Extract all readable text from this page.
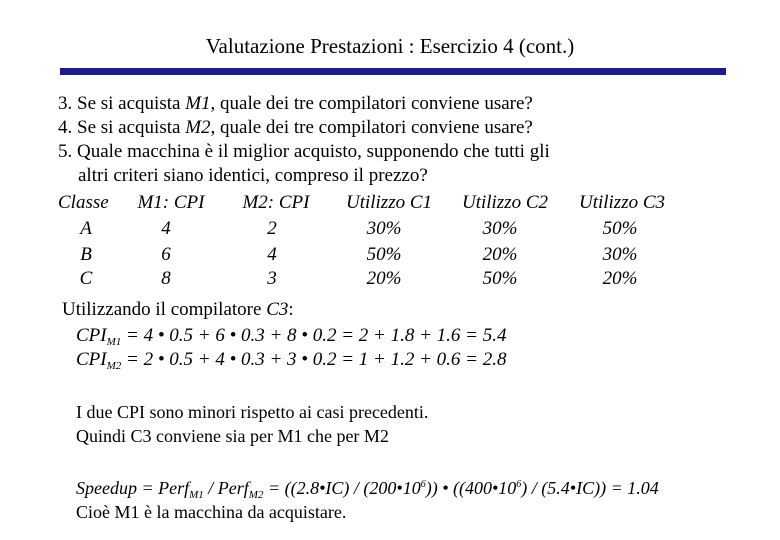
Valutazione Prestazioni : Esercizio 4 (cont.)
3. Se si acquista M1, quale dei tre compilatori conviene usare?
4. Se si acquista M2, quale dei tre compilatori conviene usare?
5. Quale macchina è il miglior acquisto, supponendo che tutti gli
altri criteri siano identici, compreso il prezzo?
Classe	M1: CPI	M2: CPI	Utilizzo C1	Utilizzo C2	Utilizzo C3
A	4	2	30%	30%	50%
B	6	4	50%	20%	30%
C	8	3	20%	50%	20%
Utilizzando il compilatore C3:
$CPI_{M1} = 4$ • 0.5 + 6 • 0.3 + 8 • 0.2 = 2 + 1.8 + 1.6 = 5.4
$CPI_{M2} = 2$ • 0.5 + 4 • 0.3 + 3 • 0.2 = 1 + 1.2 + 0.6 = 2.8
I due CPI sono minori rispetto ai casi precedenti.
Quindi C3 conviene sia per M1 che per M2
Speedup = Perf$_{M1}$ / Perf$_{M2}$ = ((2.8•IC) / $(200•10^6)$) • ($(400•10^6)$ / (5.4•IC)) = 1.04
Cioè M1 è la macchina da acquistare.
